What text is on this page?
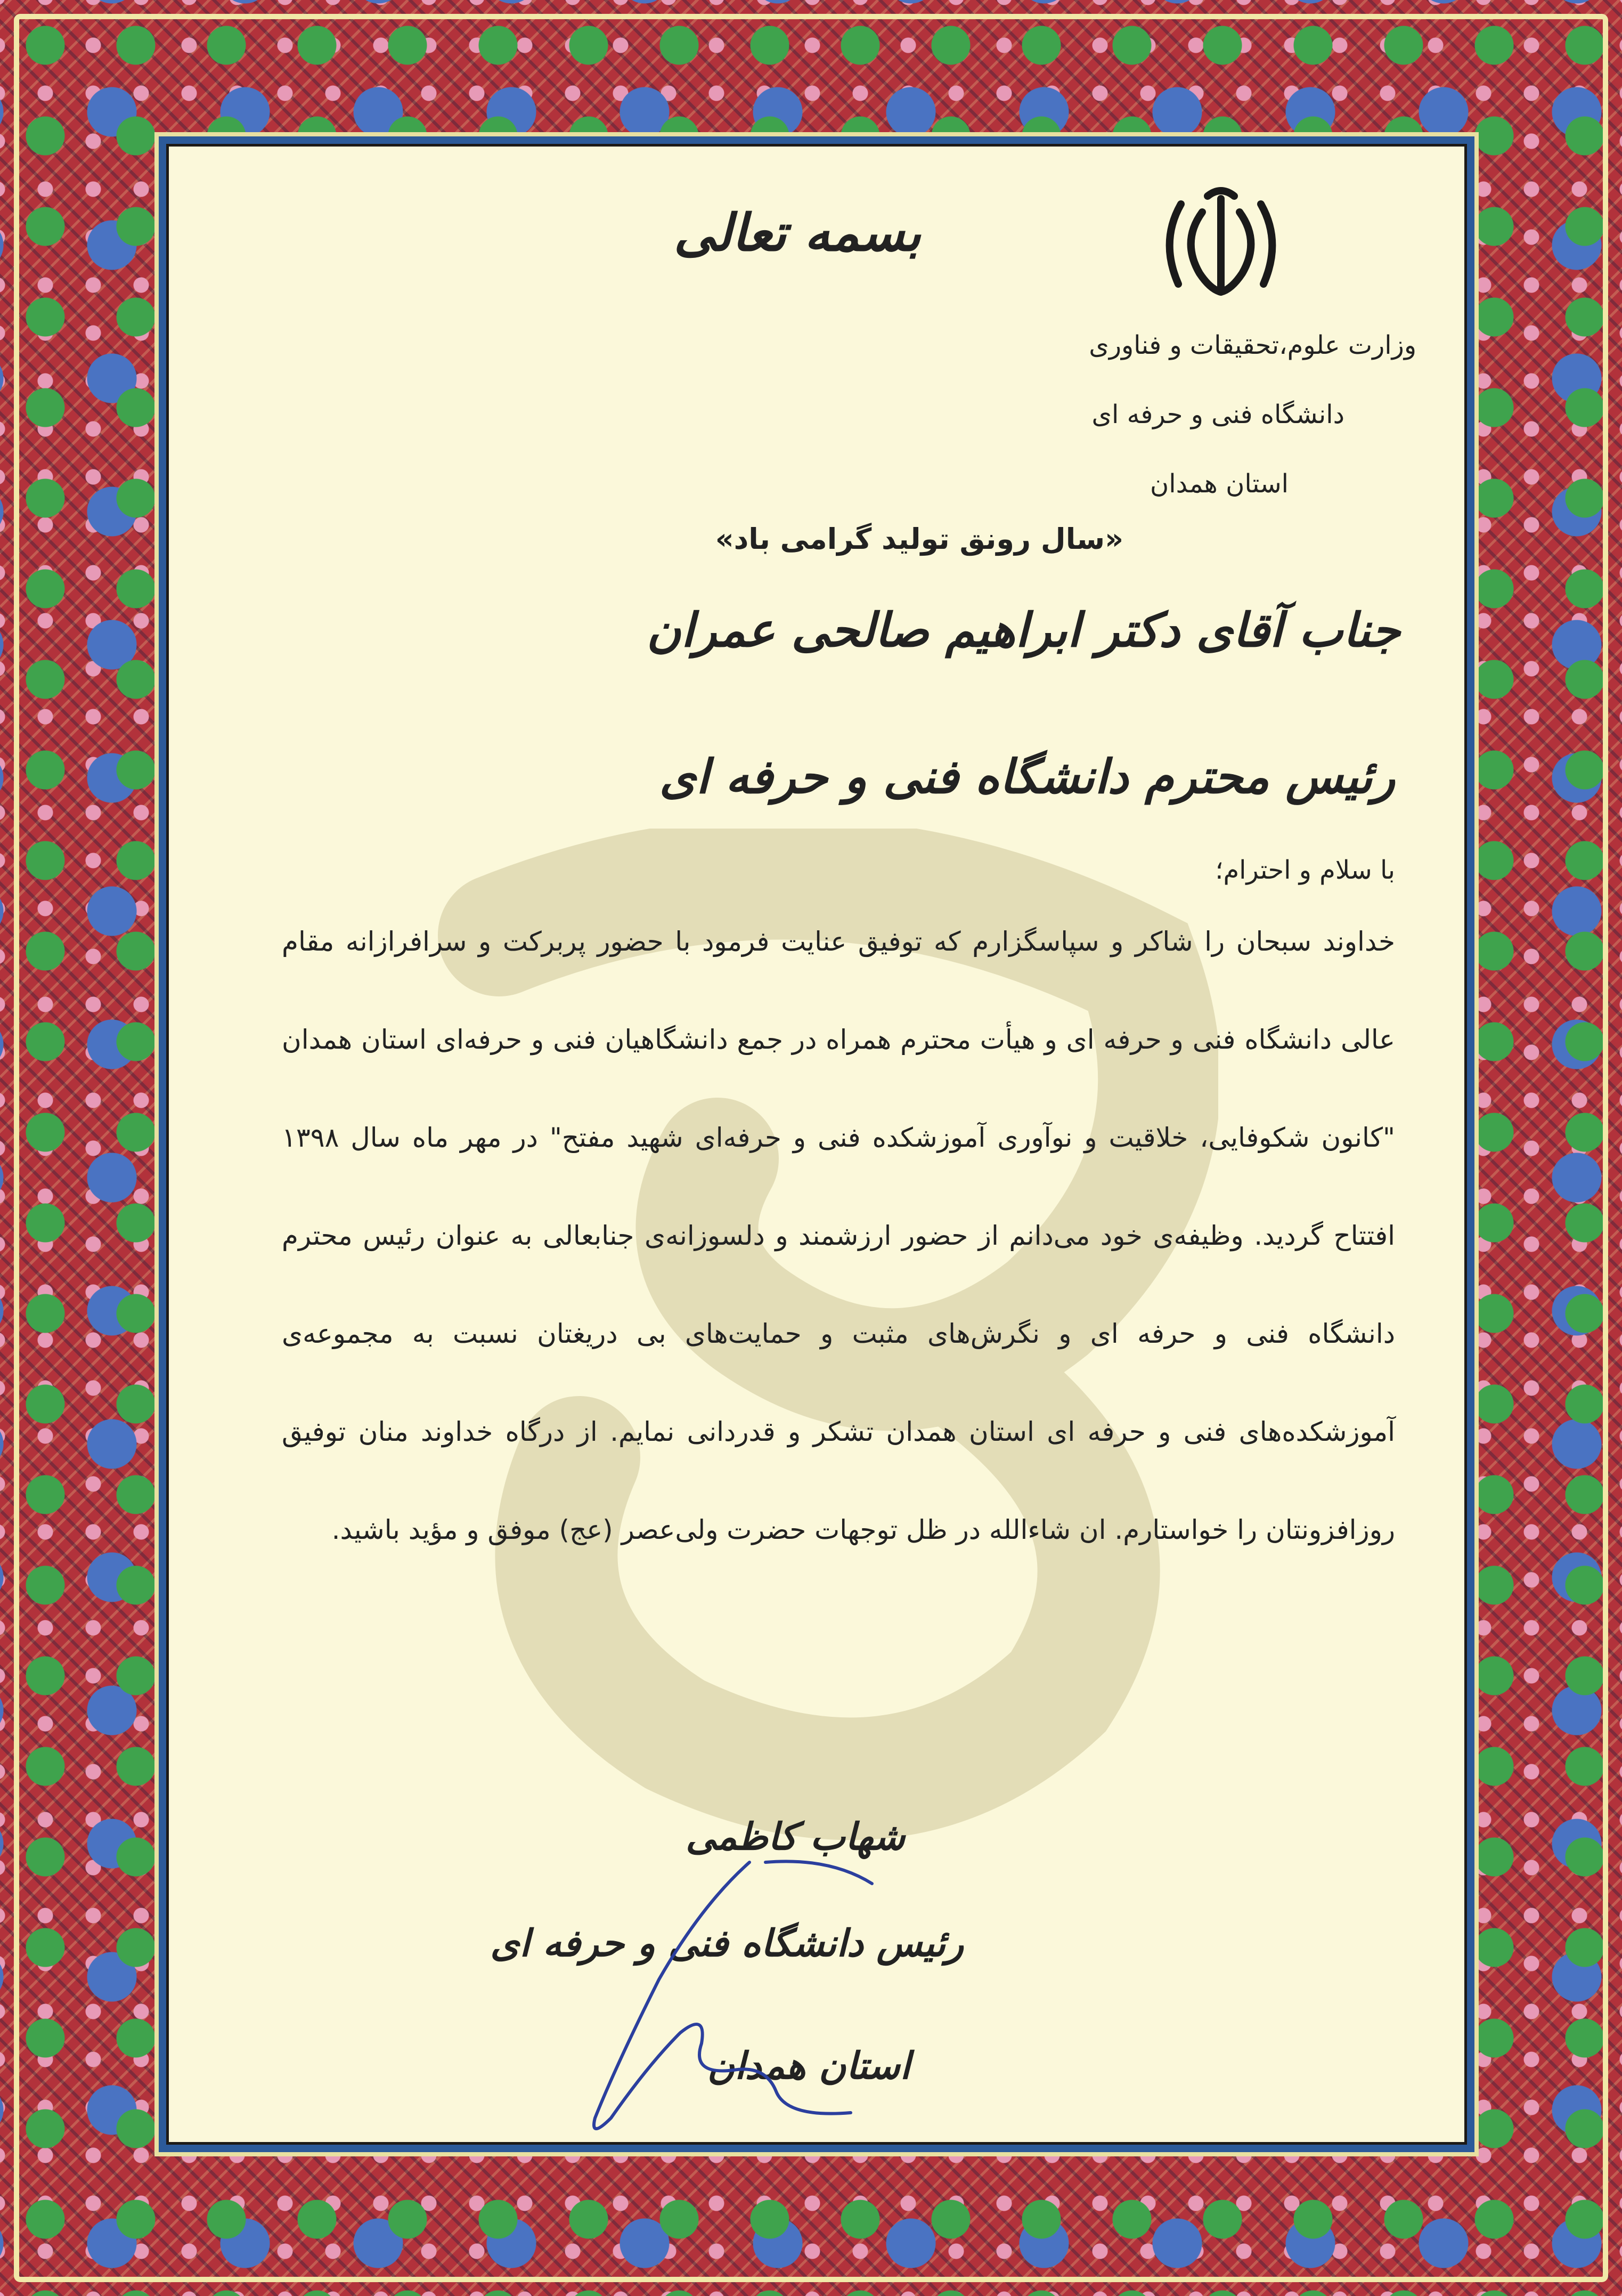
بسمه تعالی
وزارت علوم،تحقیقات و فناوری
دانشگاه فنی و حرفه ای
استان همدان
«سال رونق تولید گرامی باد»
جناب آقای دکتر ابراهیم صالحی عمران
رئیس محترم دانشگاه فنی و حرفه ای
با سلام و احترام؛
خداوند سبحان را شاکر و سپاسگزارم که توفیق عنایت فرمود با حضور پربرکت و سرافرازانه مقام عالی دانشگاه فنی و حرفه ای و هیأت محترم همراه در جمع دانشگاهیان فنی و حرفه‌ای استان همدان "کانون شکوفایی، خلاقیت و نوآوری آموزشکده فنی و حرفه‌ای شهید مفتح" در مهر ماه سال ۱۳۹۸ افتتاح گردید. وظیفه‌ی خود می‌دانم از حضور ارزشمند و دلسوزانه‌ی جنابعالی به عنوان رئیس محترم دانشگاه فنی و حرفه ای و نگرش‌های مثبت و حمایت‌های بی دریغتان نسبت به مجموعه‌ی آموزشکده‌های فنی و حرفه ای استان همدان تشکر و قدردانی نمایم. از درگاه خداوند منان توفیق روزافزونتان را خواستارم. ان شاءالله در ظل توجهات حضرت ولی‌عصر (عج) موفق و مؤید باشید.
شهاب کاظمی
رئیس دانشگاه فنی و حرفه ای
استان همدان
